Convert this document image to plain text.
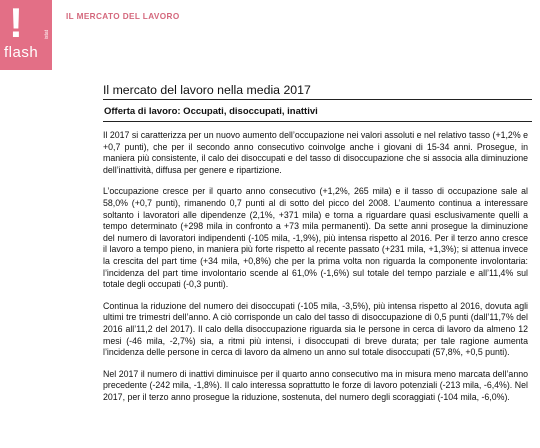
!	istat
flash
IL MERCATO DEL LAVORO
Il mercato del lavoro nella media 2017
Offerta di lavoro: Occupati, disoccupati, inattivi

Il 2017 si caratterizza per un nuovo aumento dell’occupazione nei valori assoluti e nel relativo tasso (+1,2% e +0,7 punti), che per il secondo anno consecutivo coinvolge anche i giovani di 15-34 anni. Prosegue, in maniera più consistente, il calo dei disoccupati e del tasso di disoccupazione che si associa alla diminuzione dell’inattività, diffusa per genere e ripartizione.

L’occupazione cresce per il quarto anno consecutivo (+1,2%, 265 mila) e il tasso di occupazione sale al 58,0% (+0,7 punti), rimanendo 0,7 punti al di sotto del picco del 2008. L’aumento continua a interessare soltanto i lavoratori alle dipendenze (2,1%, +371 mila) e torna a riguardare quasi esclusivamente quelli a tempo determinato (+298 mila in confronto a +73 mila permanenti). Da sette anni prosegue la diminuzione del numero di lavoratori indipendenti (-105 mila, -1,9%), più intensa rispetto al 2016. Per il terzo anno cresce il lavoro a tempo pieno, in maniera più forte rispetto al recente passato (+231 mila, +1,3%); si attenua invece la crescita del part time (+34 mila, +0,8%) che per la prima volta non riguarda la componente involontaria: l’incidenza del part time involontario scende al 61,0% (-1,6%) sul totale del tempo parziale e all’11,4% sul totale degli occupati (-0,3 punti).

Continua la riduzione del numero dei disoccupati (-105 mila, -3,5%), più intensa rispetto al 2016, dovuta agli ultimi tre trimestri dell’anno. A ciò corrisponde un calo del tasso di disoccupazione di 0,5 punti (dall’11,7% del 2016 all’11,2 del 2017). Il calo della disoccupazione riguarda sia le persone in cerca di lavoro da almeno 12 mesi (-46 mila, -2,7%) sia, a ritmi più intensi, i disoccupati di breve durata; per tale ragione aumenta l’incidenza delle persone in cerca di lavoro da almeno un anno sul totale disoccupati (57,8%, +0,5 punti).

Nel 2017 il numero di inattivi diminuisce per il quarto anno consecutivo ma in misura meno marcata dell’anno precedente (-242 mila, -1,8%). Il calo interessa soprattutto le forze di lavoro potenziali (-213 mila, -6,4%). Nel 2017, per il terzo anno prosegue la riduzione, sostenuta, del numero degli scoraggiati (-104 mila, -6,0%).
